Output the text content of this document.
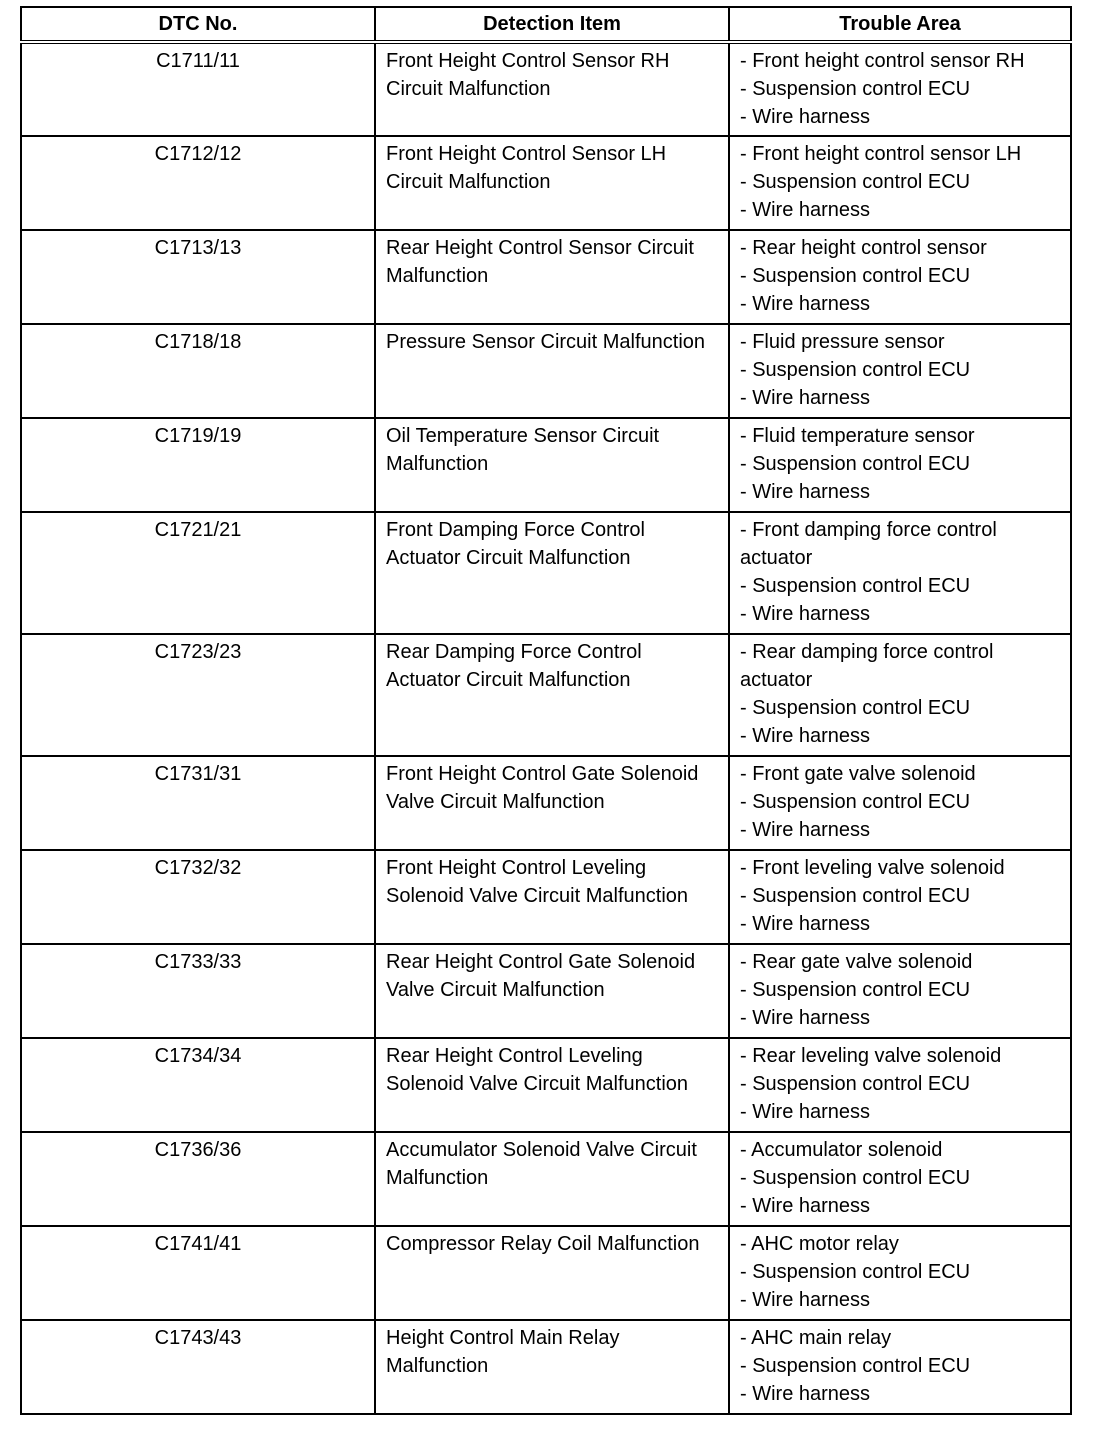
DTC No.	Detection Item	Trouble Area
C1711/11	Front Height Control Sensor RH Circuit Malfunction	- Front height control sensor RH
- Suspension control ECU
- Wire harness

C1712/12	Front Height Control Sensor LH Circuit Malfunction	- Front height control sensor LH
- Suspension control ECU
- Wire harness

C1713/13	Rear Height Control Sensor Circuit Malfunction	- Rear height control sensor
- Suspension control ECU
- Wire harness

C1718/18	Pressure Sensor Circuit Malfunction	- Fluid pressure sensor
- Suspension control ECU
- Wire harness

C1719/19	Oil Temperature Sensor Circuit Malfunction	- Fluid temperature sensor
- Suspension control ECU
- Wire harness

C1721/21	Front Damping Force Control Actuator Circuit Malfunction	- Front damping force control actuator
- Suspension control ECU
- Wire harness

C1723/23	Rear Damping Force Control Actuator Circuit Malfunction	- Rear damping force control actuator
- Suspension control ECU
- Wire harness

C1731/31	Front Height Control Gate Solenoid Valve Circuit Malfunction	- Front gate valve solenoid
- Suspension control ECU
- Wire harness

C1732/32	Front Height Control Leveling Solenoid Valve Circuit Malfunction	- Front leveling valve solenoid
- Suspension control ECU
- Wire harness

C1733/33	Rear Height Control Gate Solenoid Valve Circuit Malfunction	- Rear gate valve solenoid
- Suspension control ECU
- Wire harness

C1734/34	Rear Height Control Leveling Solenoid Valve Circuit Malfunction	- Rear leveling valve solenoid
- Suspension control ECU
- Wire harness

C1736/36	Accumulator Solenoid Valve Circuit Malfunction	- Accumulator solenoid
- Suspension control ECU
- Wire harness

C1741/41	Compressor Relay Coil Malfunction	- AHC motor relay
- Suspension control ECU
- Wire harness

C1743/43	Height Control Main Relay Malfunction	- AHC main relay
- Suspension control ECU
- Wire harness
